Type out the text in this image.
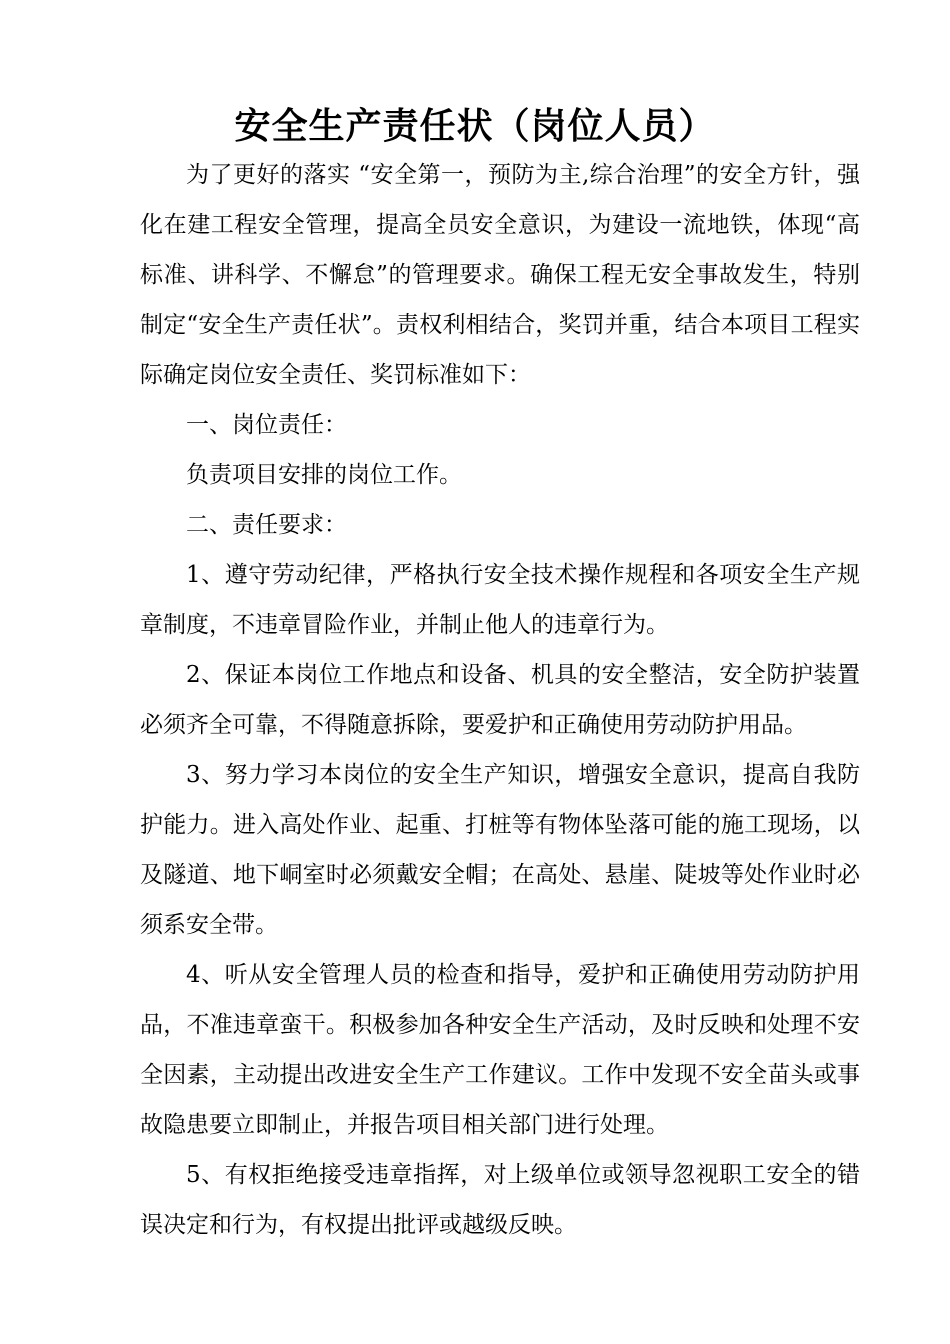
安全生产责任状（岗位人员）

为了更好的落实 “安全第一，预防为主,综合治理”的安全方针，强化在建工程安全管理，提高全员安全意识，为建设一流地铁，体现“高标准、讲科学、不懈怠”的管理要求。确保工程无安全事故发生，特别制定“安全生产责任状”。责权利相结合，奖罚并重，结合本项目工程实际确定岗位安全责任、奖罚标准如下：

一、岗位责任：

负责项目安排的岗位工作。

二、责任要求：

1、遵守劳动纪律，严格执行安全技术操作规程和各项安全生产规章制度，不违章冒险作业，并制止他人的违章行为。

2、保证本岗位工作地点和设备、机具的安全整洁，安全防护装置必须齐全可靠，不得随意拆除，要爱护和正确使用劳动防护用品。

3、努力学习本岗位的安全生产知识，增强安全意识，提高自我防护能力。进入高处作业、起重、打桩等有物体坠落可能的施工现场，以及隧道、地下峒室时必须戴安全帽；在高处、悬崖、陡坡等处作业时必须系安全带。

4、听从安全管理人员的检查和指导，爱护和正确使用劳动防护用品，不准违章蛮干。积极参加各种安全生产活动，及时反映和处理不安全因素，主动提出改进安全生产工作建议。工作中发现不安全苗头或事故隐患要立即制止，并报告项目相关部门进行处理。

5、有权拒绝接受违章指挥，对上级单位或领导忽视职工安全的错误决定和行为，有权提出批评或越级反映。
